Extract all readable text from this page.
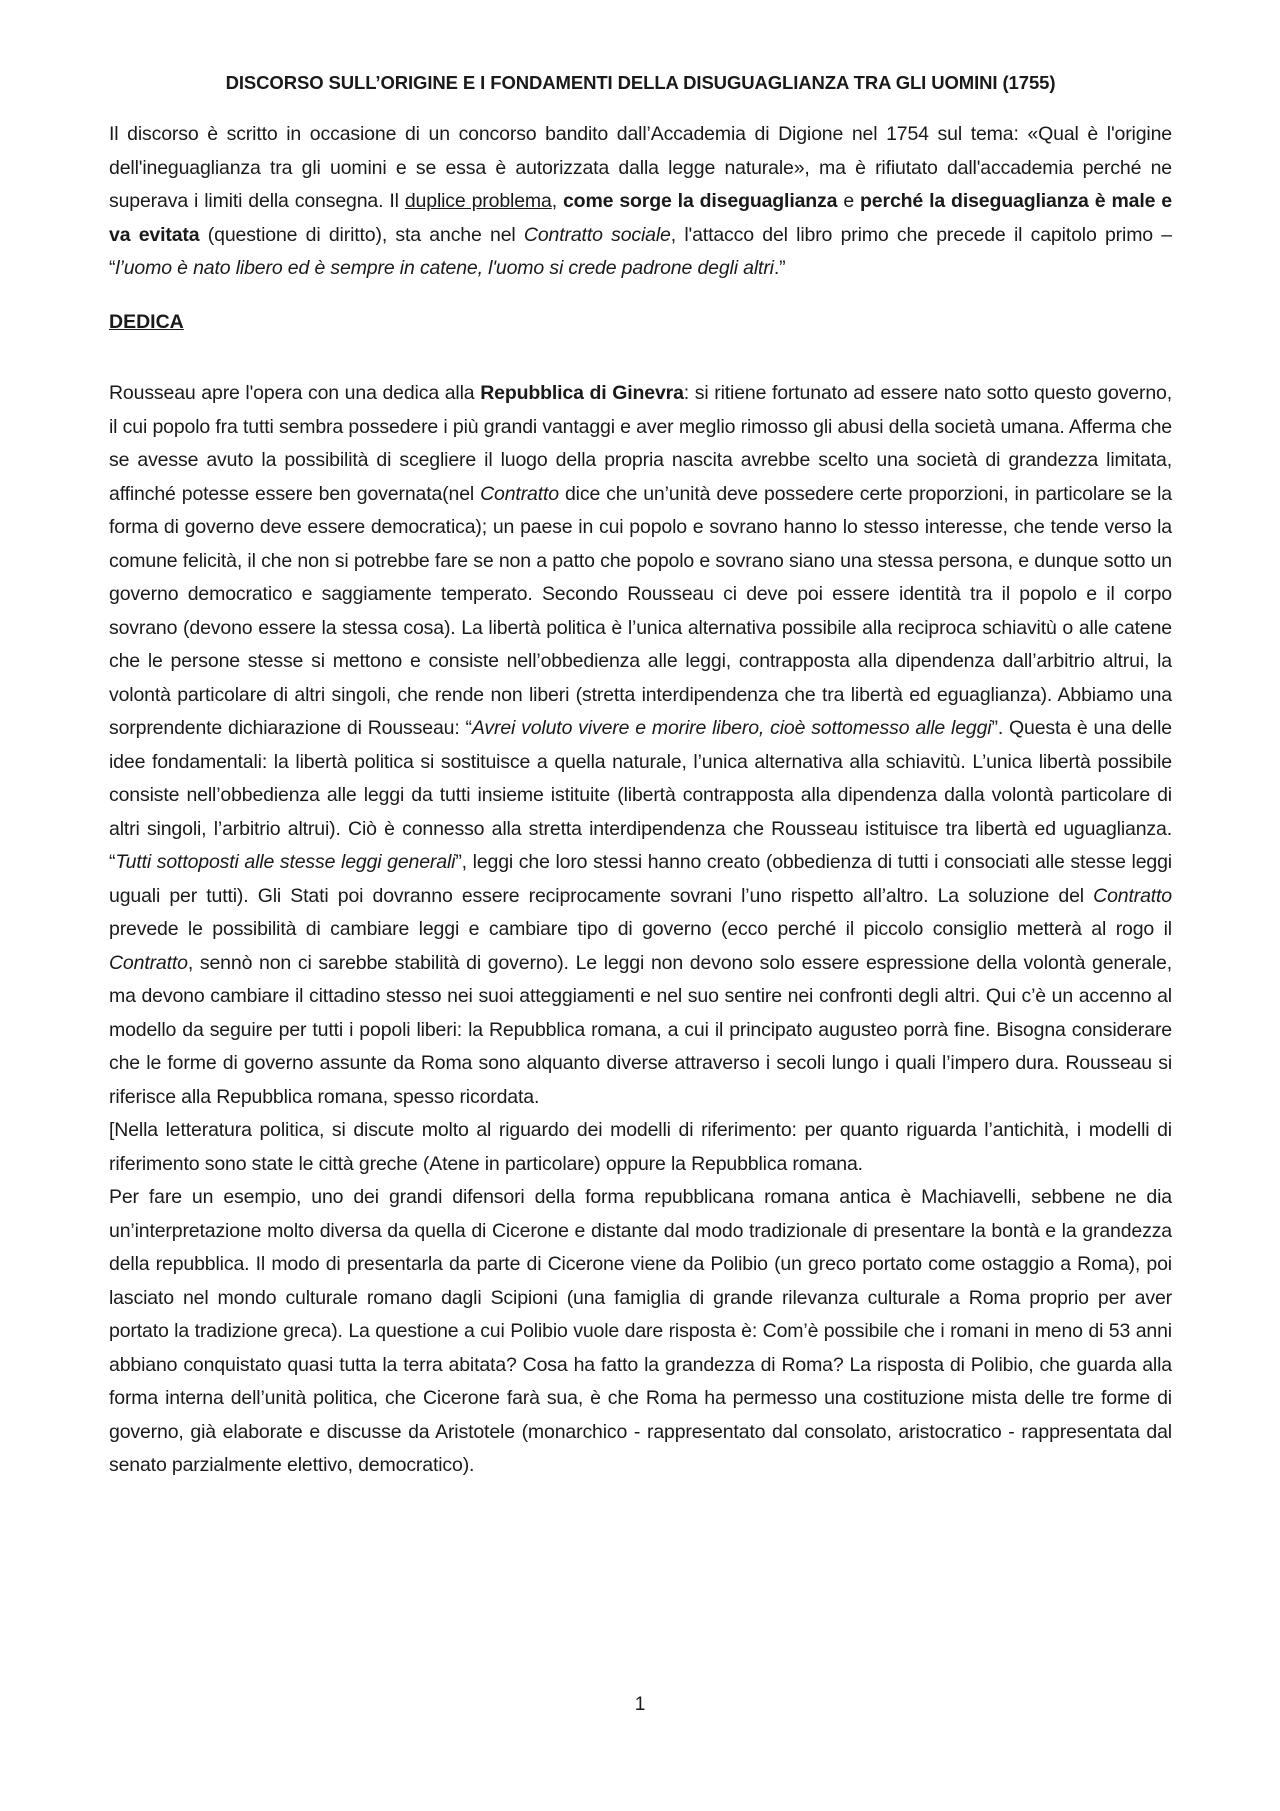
DISCORSO SULL’ORIGINE E I FONDAMENTI DELLA DISUGUAGLIANZA TRA GLI UOMINI (1755)

Il discorso è scritto in occasione di un concorso bandito dall’Accademia di Digione nel 1754 sul tema: «Qual è l'origine dell'ineguaglianza tra gli uomini e se essa è autorizzata dalla legge naturale», ma è rifiutato dall'accademia perché ne superava i limiti della consegna. Il duplice problema, come sorge la diseguaglianza e perché la diseguaglianza è male e va evitata (questione di diritto), sta anche nel Contratto sociale, l'attacco del libro primo che precede il capitolo primo – “l’uomo è nato libero ed è sempre in catene, l'uomo si crede padrone degli altri.”

DEDICA

Rousseau apre l'opera con una dedica alla Repubblica di Ginevra: si ritiene fortunato ad essere nato sotto questo governo, il cui popolo fra tutti sembra possedere i più grandi vantaggi e aver meglio rimosso gli abusi della società umana. Afferma che se avesse avuto la possibilità di scegliere il luogo della propria nascita avrebbe scelto una società di grandezza limitata, affinché potesse essere ben governata(nel Contratto dice che un’unità deve possedere certe proporzioni, in particolare se la forma di governo deve essere democratica); un paese in cui popolo e sovrano hanno lo stesso interesse, che tende verso la comune felicità, il che non si potrebbe fare se non a patto che popolo e sovrano siano una stessa persona, e dunque sotto un governo democratico e saggiamente temperato. Secondo Rousseau ci deve poi essere identità tra il popolo e il corpo sovrano (devono essere la stessa cosa). La libertà politica è l’unica alternativa possibile alla reciproca schiavitù o alle catene che le persone stesse si mettono e consiste nell’obbedienza alle leggi, contrapposta alla dipendenza dall’arbitrio altrui, la volontà particolare di altri singoli, che rende non liberi (stretta interdipendenza che tra libertà ed eguaglianza). Abbiamo una sorprendente dichiarazione di Rousseau: “Avrei voluto vivere e morire libero, cioè sottomesso alle leggi”. Questa è una delle idee fondamentali: la libertà politica si sostituisce a quella naturale, l’unica alternativa alla schiavitù. L’unica libertà possibile consiste nell’obbedienza alle leggi da tutti insieme istituite (libertà contrapposta alla dipendenza dalla volontà particolare di altri singoli, l’arbitrio altrui). Ciò è connesso alla stretta interdipendenza che Rousseau istituisce tra libertà ed uguaglianza. “Tutti sottoposti alle stesse leggi generali”, leggi che loro stessi hanno creato (obbedienza di tutti i consociati alle stesse leggi uguali per tutti). Gli Stati poi dovranno essere reciprocamente sovrani l’uno rispetto all’altro. La soluzione del Contratto prevede le possibilità di cambiare leggi e cambiare tipo di governo (ecco perché il piccolo consiglio metterà al rogo il Contratto, sennò non ci sarebbe stabilità di governo). Le leggi non devono solo essere espressione della volontà generale, ma devono cambiare il cittadino stesso nei suoi atteggiamenti e nel suo sentire nei confronti degli altri. Qui c’è un accenno al modello da seguire per tutti i popoli liberi: la Repubblica romana, a cui il principato augusteo porrà fine. Bisogna considerare che le forme di governo assunte da Roma sono alquanto diverse attraverso i secoli lungo i quali l’impero dura. Rousseau si riferisce alla Repubblica romana, spesso ricordata.

[Nella letteratura politica, si discute molto al riguardo dei modelli di riferimento: per quanto riguarda l’antichità, i modelli di riferimento sono state le città greche (Atene in particolare) oppure la Repubblica romana.

Per fare un esempio, uno dei grandi difensori della forma repubblicana romana antica è Machiavelli, sebbene ne dia un’interpretazione molto diversa da quella di Cicerone e distante dal modo tradizionale di presentare la bontà e la grandezza della repubblica. Il modo di presentarla da parte di Cicerone viene da Polibio (un greco portato come ostaggio a Roma), poi lasciato nel mondo culturale romano dagli Scipioni (una famiglia di grande rilevanza culturale a Roma proprio per aver portato la tradizione greca). La questione a cui Polibio vuole dare risposta è: Com’è possibile che i romani in meno di 53 anni abbiano conquistato quasi tutta la terra abitata? Cosa ha fatto la grandezza di Roma? La risposta di Polibio, che guarda alla forma interna dell’unità politica, che Cicerone farà sua, è che Roma ha permesso una costituzione mista delle tre forme di governo, già elaborate e discusse da Aristotele (monarchico - rappresentato dal consolato, aristocratico - rappresentata dal senato parzialmente elettivo, democratico).

1
